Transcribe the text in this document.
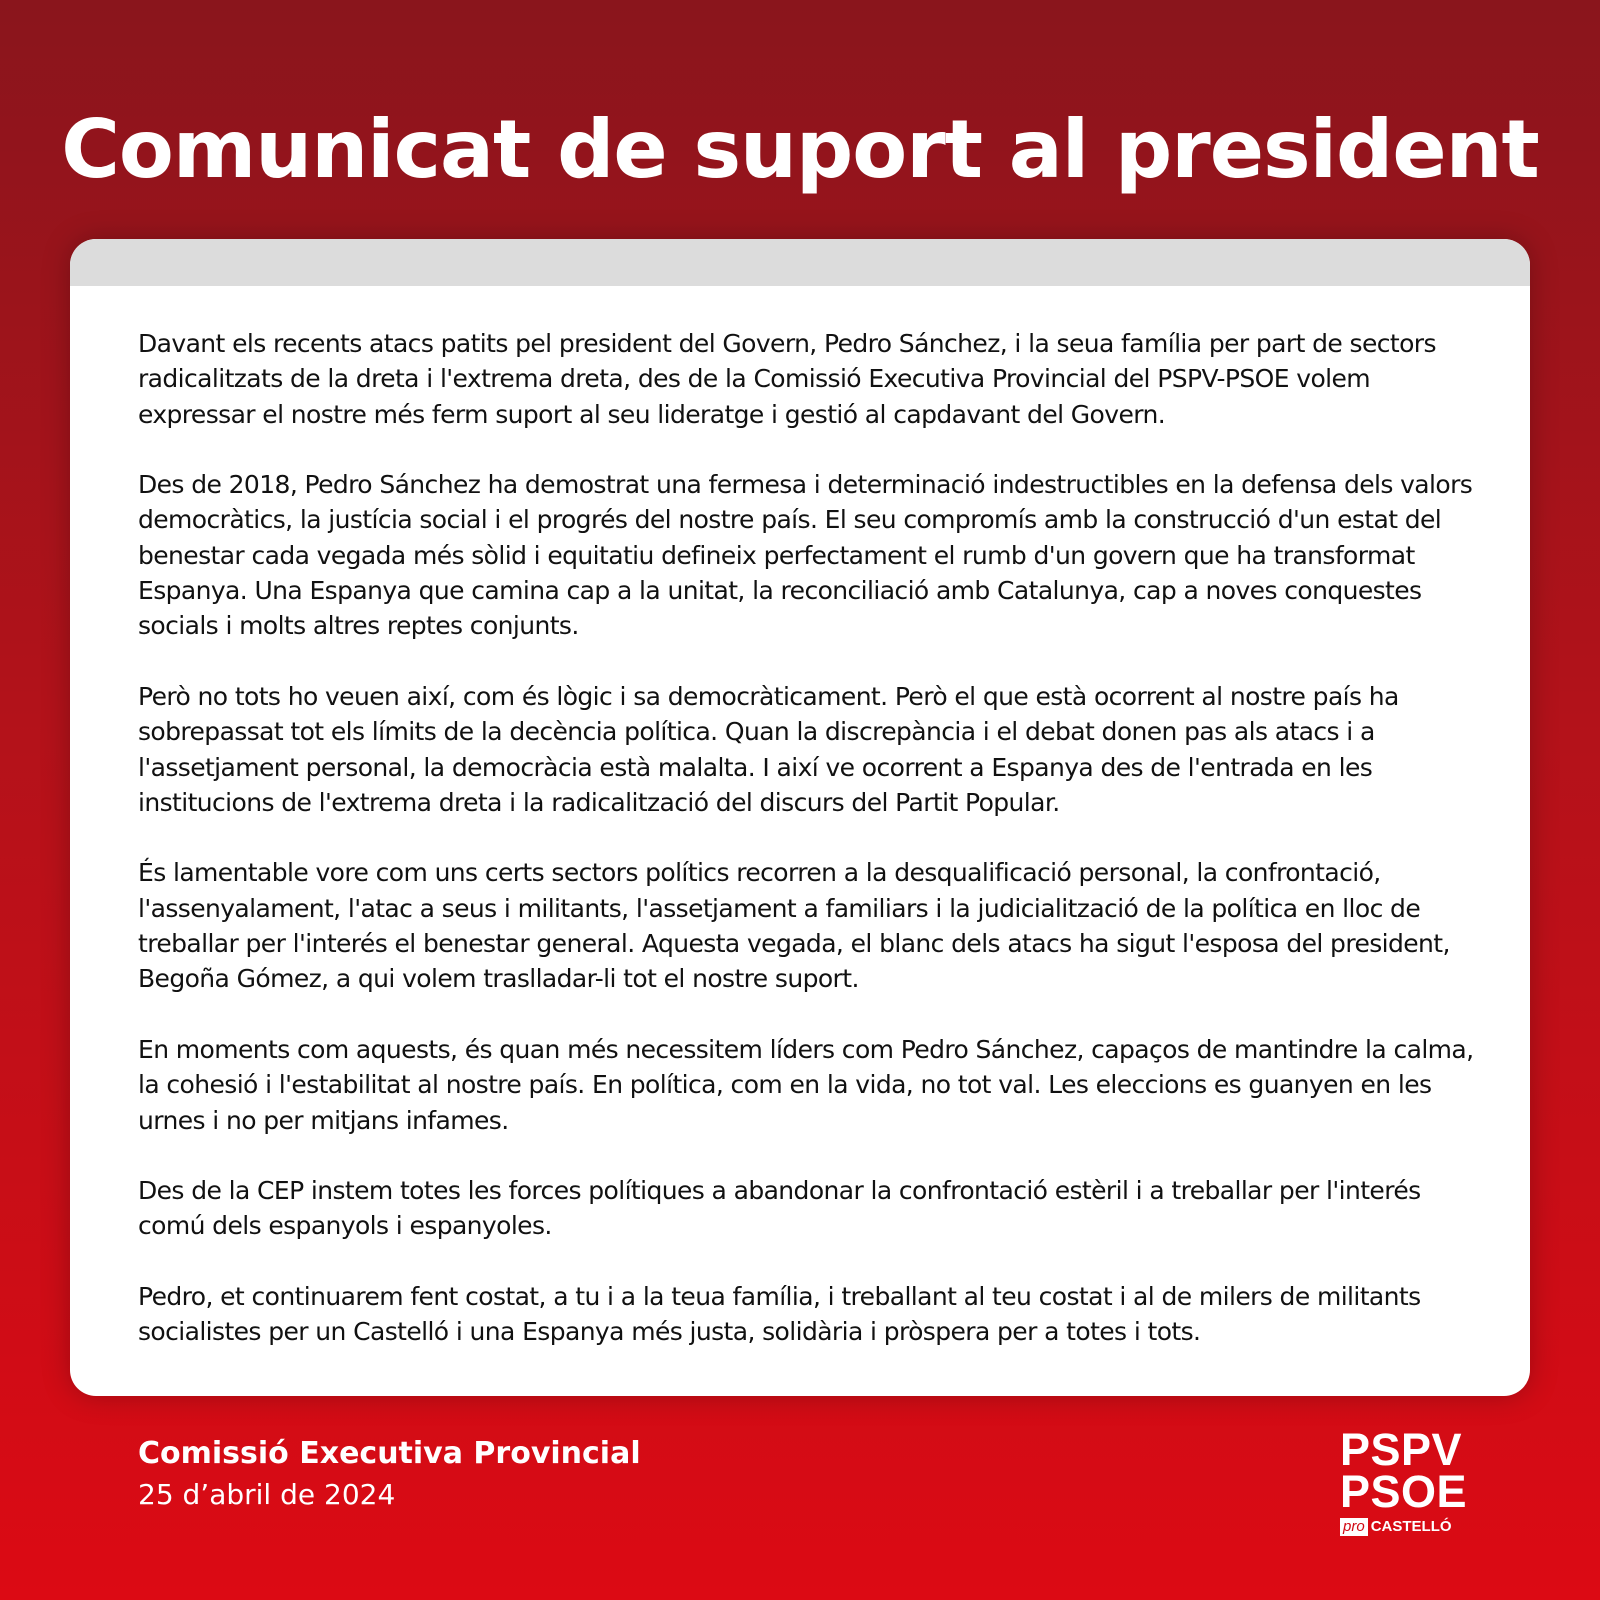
Comunicat de suport al president

Davant els recents atacs patits pel president del Govern, Pedro Sánchez, i la seua família per part de sectors radicalitzats de la dreta i l'extrema dreta, des de la Comissió Executiva Provincial del PSPV-PSOE volem expressar el nostre més ferm suport al seu lideratge i gestió al capdavant del Govern.

Des de 2018, Pedro Sánchez ha demostrat una fermesa i determinació indestructibles en la defensa dels valors democràtics, la justícia social i el progrés del nostre país. El seu compromís amb la construcció d'un estat del benestar cada vegada més sòlid i equitatiu defineix perfectament el rumb d'un govern que ha transformat Espanya. Una Espanya que camina cap a la unitat, la reconciliació amb Catalunya, cap a noves conquestes socials i molts altres reptes conjunts.

Però no tots ho veuen així, com és lògic i sa democràticament. Però el que està ocorrent al nostre país ha sobrepassat tot els límits de la decència política. Quan la discrepància i el debat donen pas als atacs i a l'assetjament personal, la democràcia està malalta. I així ve ocorrent a Espanya des de l'entrada en les institucions de l'extrema dreta i la radicalització del discurs del Partit Popular.

És lamentable vore com uns certs sectors polítics recorren a la desqualificació personal, la confrontació, l'assenyalament, l'atac a seus i militants, l'assetjament a familiars i la judicialització de la política en lloc de treballar per l'interés el benestar general. Aquesta vegada, el blanc dels atacs ha sigut l'esposa del president, Begoña Gómez, a qui volem traslladar-li tot el nostre suport.

En moments com aquests, és quan més necessitem líders com Pedro Sánchez, capaços de mantindre la calma, la cohesió i l'estabilitat al nostre país. En política, com en la vida, no tot val. Les eleccions es guanyen en les urnes i no per mitjans infames.

Des de la CEP instem totes les forces polítiques a abandonar la confrontació estèril i a treballar per l'interés comú dels espanyols i espanyoles.

Pedro, et continuarem fent costat, a tu i a la teua família, i treballant al teu costat i al de milers de militants socialistes per un Castelló i una Espanya més justa, solidària i pròspera per a totes i tots.

Comissió Executiva Provincial
25 d’abril de 2024
PSPV
PSOE
pro CASTELLÓ
